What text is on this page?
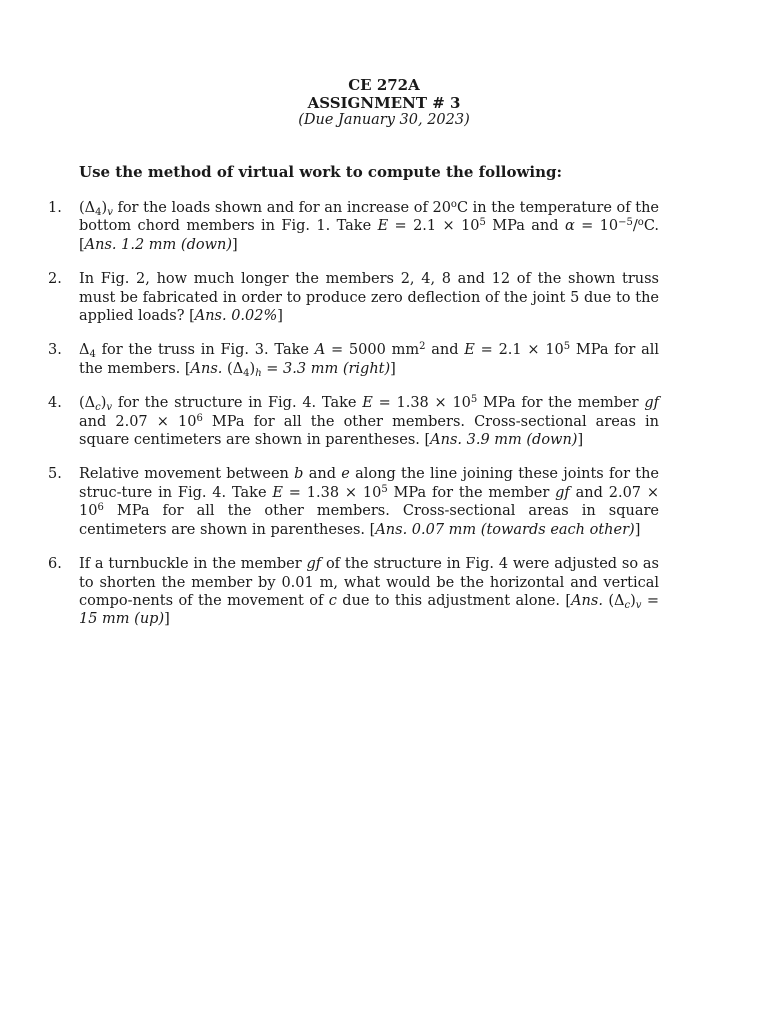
CE 272A
ASSIGNMENT # 3
(Due January 30, 2023)
Use the method of virtual work to compute the following:
1. $(\Delta_4)_v$ for the loads shown and for an increase of 20$^o$C in the temperature of the bottom chord members in Fig. 1. Take $E = 2.1 \times 10^5$ MPa and $\alpha = 10^{-5}/^oC$. [Ans. 1.2 mm (down)]
2. In Fig. 2, how much longer the members 2, 4, 8 and 12 of the shown truss must be fabricated in order to produce zero deflection of the joint 5 due to the applied loads? [Ans. 0.02%]
3. $\Delta_4$ for the truss in Fig. 3. Take A = 5000 $mm^2$ and $E = 2.1 \times 10^5$ MPa for all the members. [Ans. $(\Delta_4)_h = 3.3$ mm (right)]
4. $(\Delta_c)_v$ for the structure in Fig. 4. Take $E = 1.38 \times 10^5$ MPa for the member gf and $2.07 \times 10^6$ MPa for all the other members. Cross-sectional areas in square centimeters are shown in parentheses. [Ans. 3.9 mm (down)]
5. Relative movement between b and e along the line joining these joints for the struc-ture in Fig. 4. Take $E = 1.38 \times 10^5$ MPa for the member gf and $2.07 \times 10^6$ MPa for all the other members. Cross-sectional areas in square centimeters are shown in parentheses. [Ans. 0.07 mm (towards each other)]
6. If a turnbuckle in the member gf of the structure in Fig. 4 were adjusted so as to shorten the member by 0.01 m, what would be the horizontal and vertical compo-nents of the movement of c due to this adjustment alone. [Ans. $(\Delta_c)_v = 15$ mm (up)]
